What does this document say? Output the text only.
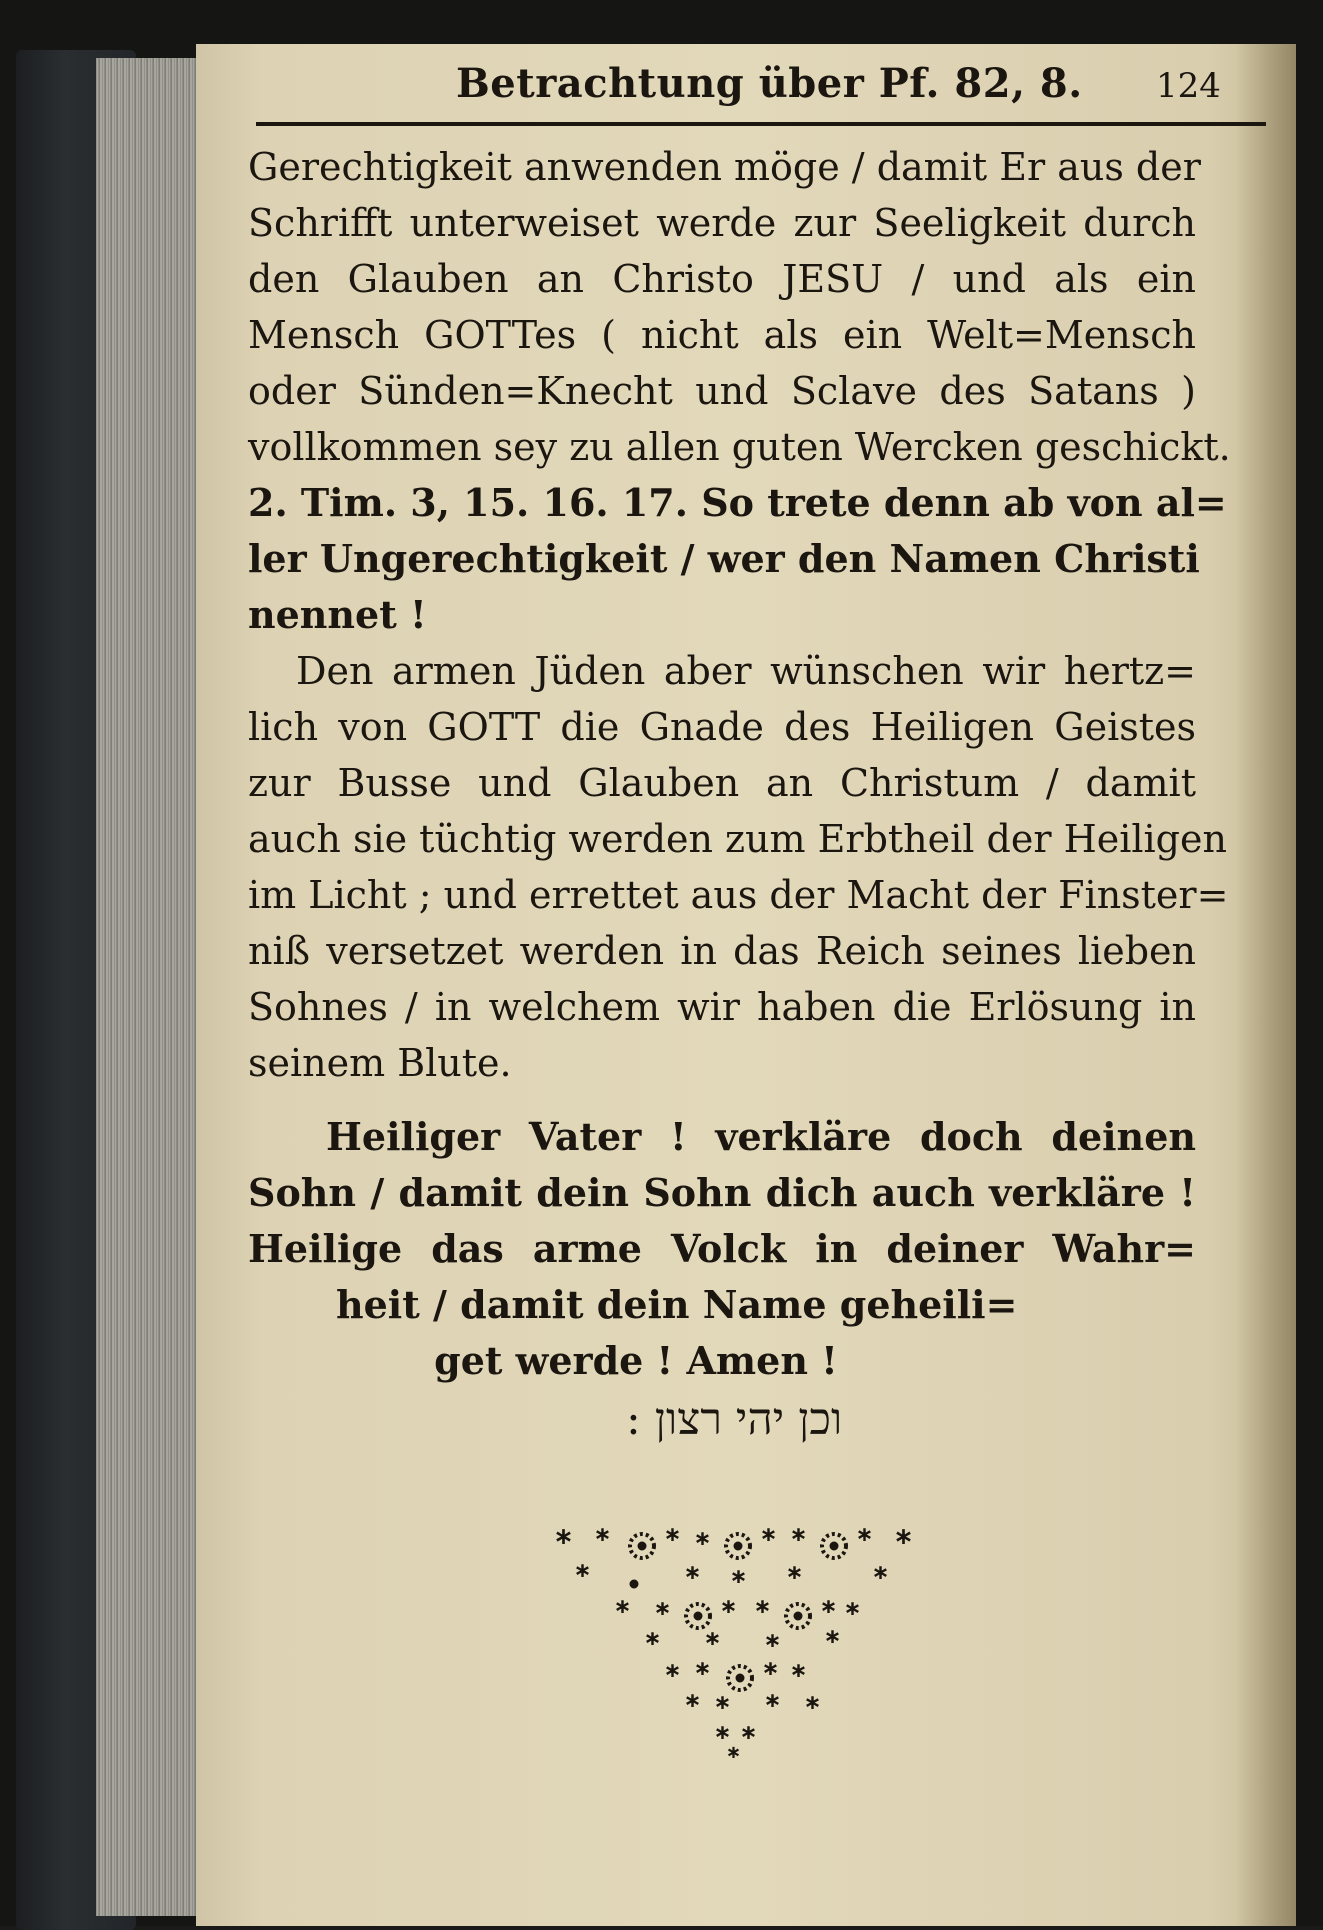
Betrachtung über Pf. 82, 8. 124
Gerechtigkeit anwenden möge / damit Er aus der
Schrifft unterweiset werde zur Seeligkeit durch
den Glauben an Christo JESU / und als ein
Mensch GOTTes ( nicht als ein Welt=Mensch
oder Sünden=Knecht und Sclave des Satans )
vollkommen sey zu allen guten Wercken geschickt.
2. Tim. 3, 15. 16. 17. So trete denn ab von al=
ler Ungerechtigkeit / wer den Namen Christi
nennet !
Den armen Jüden aber wünschen wir hertz=
lich von GOTT die Gnade des Heiligen Geistes
zur Busse und Glauben an Christum / damit
auch sie tüchtig werden zum Erbtheil der Heiligen
im Licht ; und errettet aus der Macht der Finster=
niß versetzet werden in das Reich seines lieben
Sohnes / in welchem wir haben die Erlösung in
seinem Blute.
Heiliger Vater ! verkläre doch deinen
Sohn / damit dein Sohn dich auch verkläre !
Heilige das arme Volck in deiner Wahr=
heit / damit dein Name geheili=
get werde ! Amen !
וכן יהי רצון :
* * * * * * * *
*	* * *	*
* * * * * *
* * * *
* * * *
* * * *
* *
*
